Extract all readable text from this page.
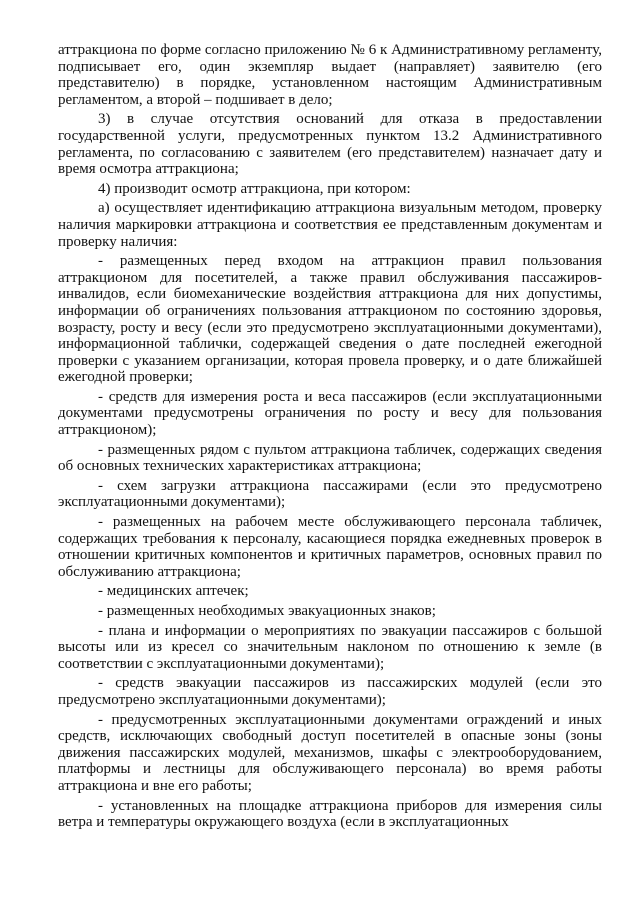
аттракциона по форме согласно приложению № 6 к Административному регламенту, подписывает его, один экземпляр выдает (направляет) заявителю (его представителю) в порядке, установленном настоящим Административным регламентом, а второй – подшивает в дело;

3) в случае отсутствия оснований для отказа в предоставлении государственной услуги, предусмотренных пунктом 13.2 Административного регламента, по согласованию с заявителем (его представителем) назначает дату и время осмотра аттракциона;

4) производит осмотр аттракциона, при котором:

а) осуществляет идентификацию аттракциона визуальным методом, проверку наличия маркировки аттракциона и соответствия ее представленным документам и проверку наличия:

- размещенных перед входом на аттракцион правил пользования аттракционом для посетителей, а также правил обслуживания пассажиров-инвалидов, если биомеханические воздействия аттракциона для них допустимы, информации об ограничениях пользования аттракционом по состоянию здоровья, возрасту, росту и весу (если это предусмотрено эксплуатационными документами), информационной таблички, содержащей сведения о дате последней ежегодной проверки с указанием организации, которая провела проверку, и о дате ближайшей ежегодной проверки;

- средств для измерения роста и веса пассажиров (если эксплуатационными документами предусмотрены ограничения по росту и весу для пользования аттракционом);

- размещенных рядом с пультом аттракциона табличек, содержащих сведения об основных технических характеристиках аттракциона;

- схем загрузки аттракциона пассажирами (если это предусмотрено эксплуатационными документами);

- размещенных на рабочем месте обслуживающего персонала табличек, содержащих требования к персоналу, касающиеся порядка ежедневных проверок в отношении критичных компонентов и критичных параметров, основных правил по обслуживанию аттракциона;

- медицинских аптечек;

- размещенных необходимых эвакуационных знаков;

- плана и информации о мероприятиях по эвакуации пассажиров с большой высоты или из кресел со значительным наклоном по отношению к земле (в соответствии с эксплуатационными документами);

- средств эвакуации пассажиров из пассажирских модулей (если это предусмотрено эксплуатационными документами);

- предусмотренных эксплуатационными документами ограждений и иных средств, исключающих свободный доступ посетителей в опасные зоны (зоны движения пассажирских модулей, механизмов, шкафы с электрооборудованием, платформы и лестницы для обслуживающего персонала) во время работы аттракциона и вне его работы;

- установленных на площадке аттракциона приборов для измерения силы ветра и температуры окружающего воздуха (если в эксплуатационных
